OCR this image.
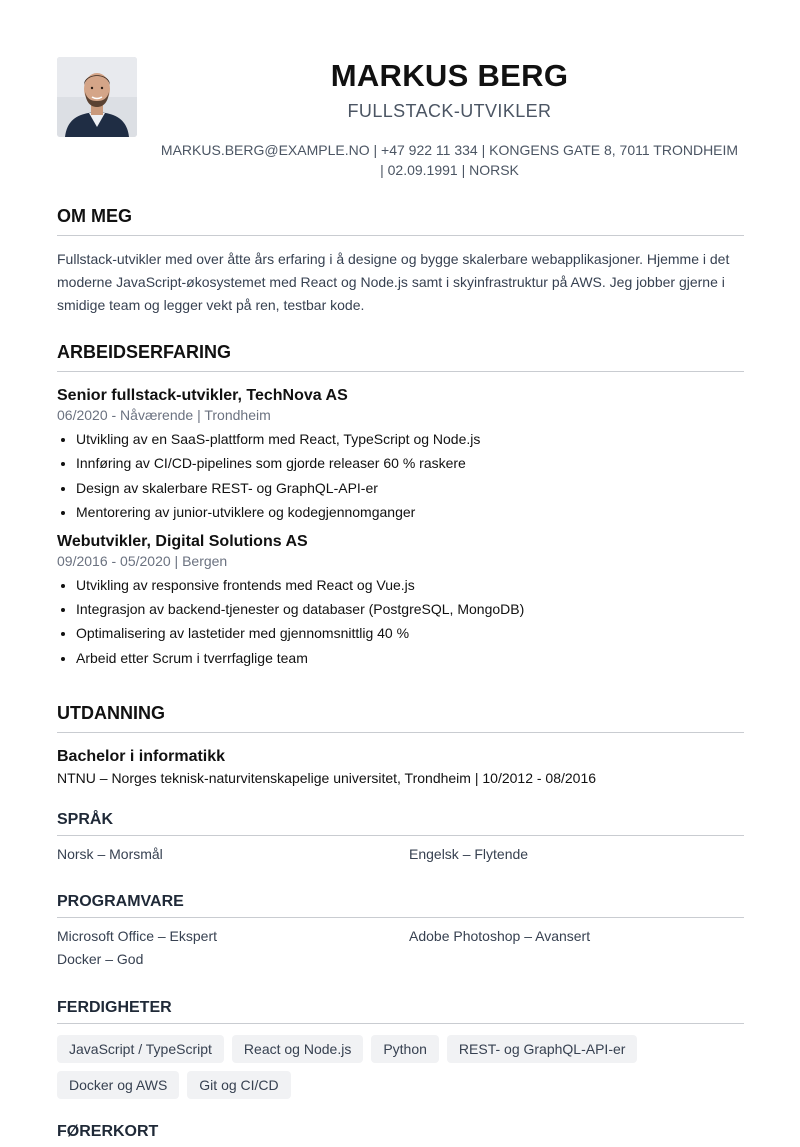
MARKUS BERG

FULLSTACK-UTVIKLER

MARKUS.BERG@EXAMPLE.NO | +47 922 11 334 | KONGENS GATE 8, 7011 TRONDHEIM
| 02.09.1991 | NORSK

OM MEG

Fullstack-utvikler med over åtte års erfaring i å designe og bygge skalerbare webapplikasjoner. Hjemme i det moderne JavaScript-økosystemet med React og Node.js samt i skyinfrastruktur på AWS. Jeg jobber gjerne i smidige team og legger vekt på ren, testbar kode.

ARBEIDSERFARING

Senior fullstack-utvikler, TechNova AS

06/2020 - Nåværende | Trondheim

• Utvikling av en SaaS-plattform med React, TypeScript og Node.js
• Innføring av CI/CD-pipelines som gjorde releaser 60 % raskere
• Design av skalerbare REST- og GraphQL-API-er
• Mentorering av junior-utviklere og kodegjennomganger

Webutvikler, Digital Solutions AS

09/2016 - 05/2020 | Bergen

• Utvikling av responsive frontends med React og Vue.js
• Integrasjon av backend-tjenester og databaser (PostgreSQL, MongoDB)
• Optimalisering av lastetider med gjennomsnittlig 40 %
• Arbeid etter Scrum i tverrfaglige team
UTDANNING

Bachelor i informatikk

NTNU – Norges teknisk-naturvitenskapelige universitet, Trondheim | 10/2012 - 08/2016

SPRÅK
Norsk – Morsmål	Engelsk – Flytende
PROGRAMVARE
Microsoft Office – Ekspert	Adobe Photoshop – Avansert
Docker – God
FERDIGHETER
JavaScript / TypeScript	React og Node.js	Python	REST- og GraphQL-API-er
Docker og AWS	Git og CI/CD
FØRERKORT
